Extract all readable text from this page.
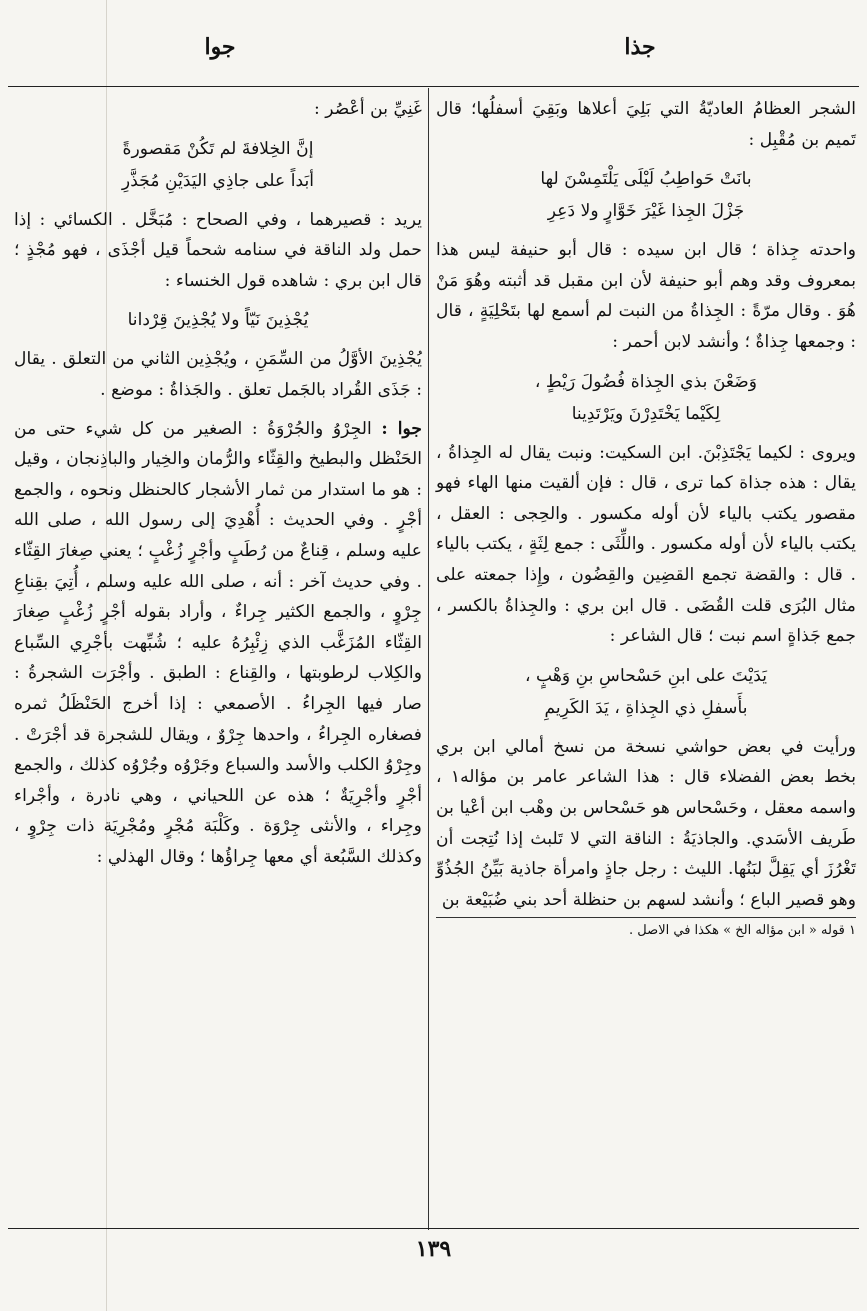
جذا
جوا

الشجر العظامُ العاديّةُ التي بَلِيَ أعلاها وبَقِيَ أسفلُها؛ قال تَميم بن مُقْبِل :

بانَتْ حَواطِبُ لَيْلَى يَلْتَمِسْنَ لها

جَزْلَ الجِذا غَيْرَ خَوَّارٍ ولا دَعِرِ

واحدته جِذاة ؛ قال ابن سيده : قال أبو حنيفة ليس هذا بمعروف وقد وهم أبو حنيفة لأن ابن مقبل قد أثبته وهُوَ مَنْ هُوَ . وقال مرّةً : الجِذاةُ من النبت لم أسمع لها بتَحْلِيَةٍ ، قال : وجمعها جِذاةٌ ؛ وأنشد لابن أحمر :

وَضَعْنَ بذي الجِذاة فُضُولَ رَيْطٍ ،

لِكَيْما يَخْتَدِرْنَ ويَرْتَدِينا

ويروى : لكيما يَجْتَذِبْنَ. ابن السكيت: ونبت يقال له الجِذاةُ ، يقال : هذه جذاة كما ترى ، قال : فإن ألقيت منها الهاء فهو مقصور يكتب بالياء لأن أوله مكسور . والحِجى : العقل ، يكتب بالياء لأن أوله مكسور . واللِّثَى : جمع لِثَةٍ ، يكتب بالياء . قال : والقضة تجمع القضِين والقِضُون ، وإِذا جمعته على مثال البُرَى قلت القُضَى . قال ابن بري : والجِذاةُ بالكسر ، جمع جَذاةٍ اسم نبت ؛ قال الشاعر :

يَدَيْتَ على ابنِ حَسْحاسِ بنِ وَهْبٍ ،

بأَسفلِ ذي الجِذاةِ ، يَدَ الكَرِيمِ

ورأيت في بعض حواشي نسخة من نسخ أمالي ابن بري بخط بعض الفضلاء قال : هذا الشاعر عامر بن مؤاله١ ، واسمه معقل ، وحَسْحاس هو حَسْحاس بن وهْب ابن أعْيا بن طَريف الأسَدي. والجاذيَةُ : الناقة التي لا تَلبث إذا نُتِجت أن تَغْرُزَ أي يَقِلَّ لبَنُها. الليث : رجل جاذٍ وامرأة جاذية بَيِّنُ الجُذُوِّ وهو قصير الباع ؛ وأنشد لسهم بن حنظلة أحد بني ضُبَيْعة بن

١ قوله « ابن مؤاله الخ » هكذا في الاصل .

غَنِيِّ بن أعْصُر :

إنَّ الخِلافةَ لم تَكُنْ مَقصورةً

أبَداً على جاذِي اليَدَيْنِ مُجَذَّرِ

يريد : قصيرهما ، وفي الصحاح : مُبَخَّل . الكسائي : إذا حمل ولد الناقة في سنامه شحماً قيل أجْذَى ، فهو مُجْذٍ ؛ قال ابن بري : شاهده قول الخنساء :

يُجْذِينَ نَيّاً ولا يُجْذِينَ قِرْدانا

يُجْذِينَ الأوَّلُ من السِّمَنِ ، ويُجْذِين الثاني من التعلق . يقال : جَذَى القُراد بالجَمل تعلق . والجَذاةُ : موضع .

جوا : الجِرْوُ والجُرْوَةُ : الصغير من كل شيء حتى من الحَنْظل والبطيخ والقِثّاء والرُّمان والخِيار والباذِنجان ، وقيل : هو ما استدار من ثمار الأشجار كالحنظل ونحوه ، والجمع أجْرٍ . وفي الحديث : أُهْدِيَ إلى رسول الله ، صلى الله عليه وسلم ، قِناعٌ من رُطَبٍ وأجْرٍ زُغْبٍ ؛ يعني صِغارَ القِثّاء . وفي حديث آخر : أنه ، صلى الله عليه وسلم ، أُتِيَ بقِناعِ جِرْوٍ ، والجمع الكثير جِراءٌ ، وأراد بقوله أجْرٍ زُغْبٍ صِغارَ القِثّاء المُزَغَّب الذي زِئْبِرُهُ عليه ؛ شُبِّهت بأجْرِي السِّباع والكِلاب لرطوبتها ، والقِناع : الطبق . وأجْرَت الشجرةُ : صار فيها الجِراءُ . الأصمعي : إذا أخرج الحَنْظَلُ ثمره فصغاره الجِراءُ ، واحدها جِرْوٌ ، ويقال للشجرة قد أجْرَتْ . وجِرْوُ الكلب والأسد والسباع وجَرْوُه وجُرْوُه كذلك ، والجمع أجْرٍ وأجْرِيَةٌ ؛ هذه عن اللحياني ، وهي نادرة ، وأجْراء وجِراء ، والأنثى جِرْوَة . وكَلْبَة مُجْرٍ ومُجْرِيَة ذات جِرْوٍ ، وكذلك السَّبُعة أي معها جِراؤُها ؛ وقال الهذلي :

١٣٩
